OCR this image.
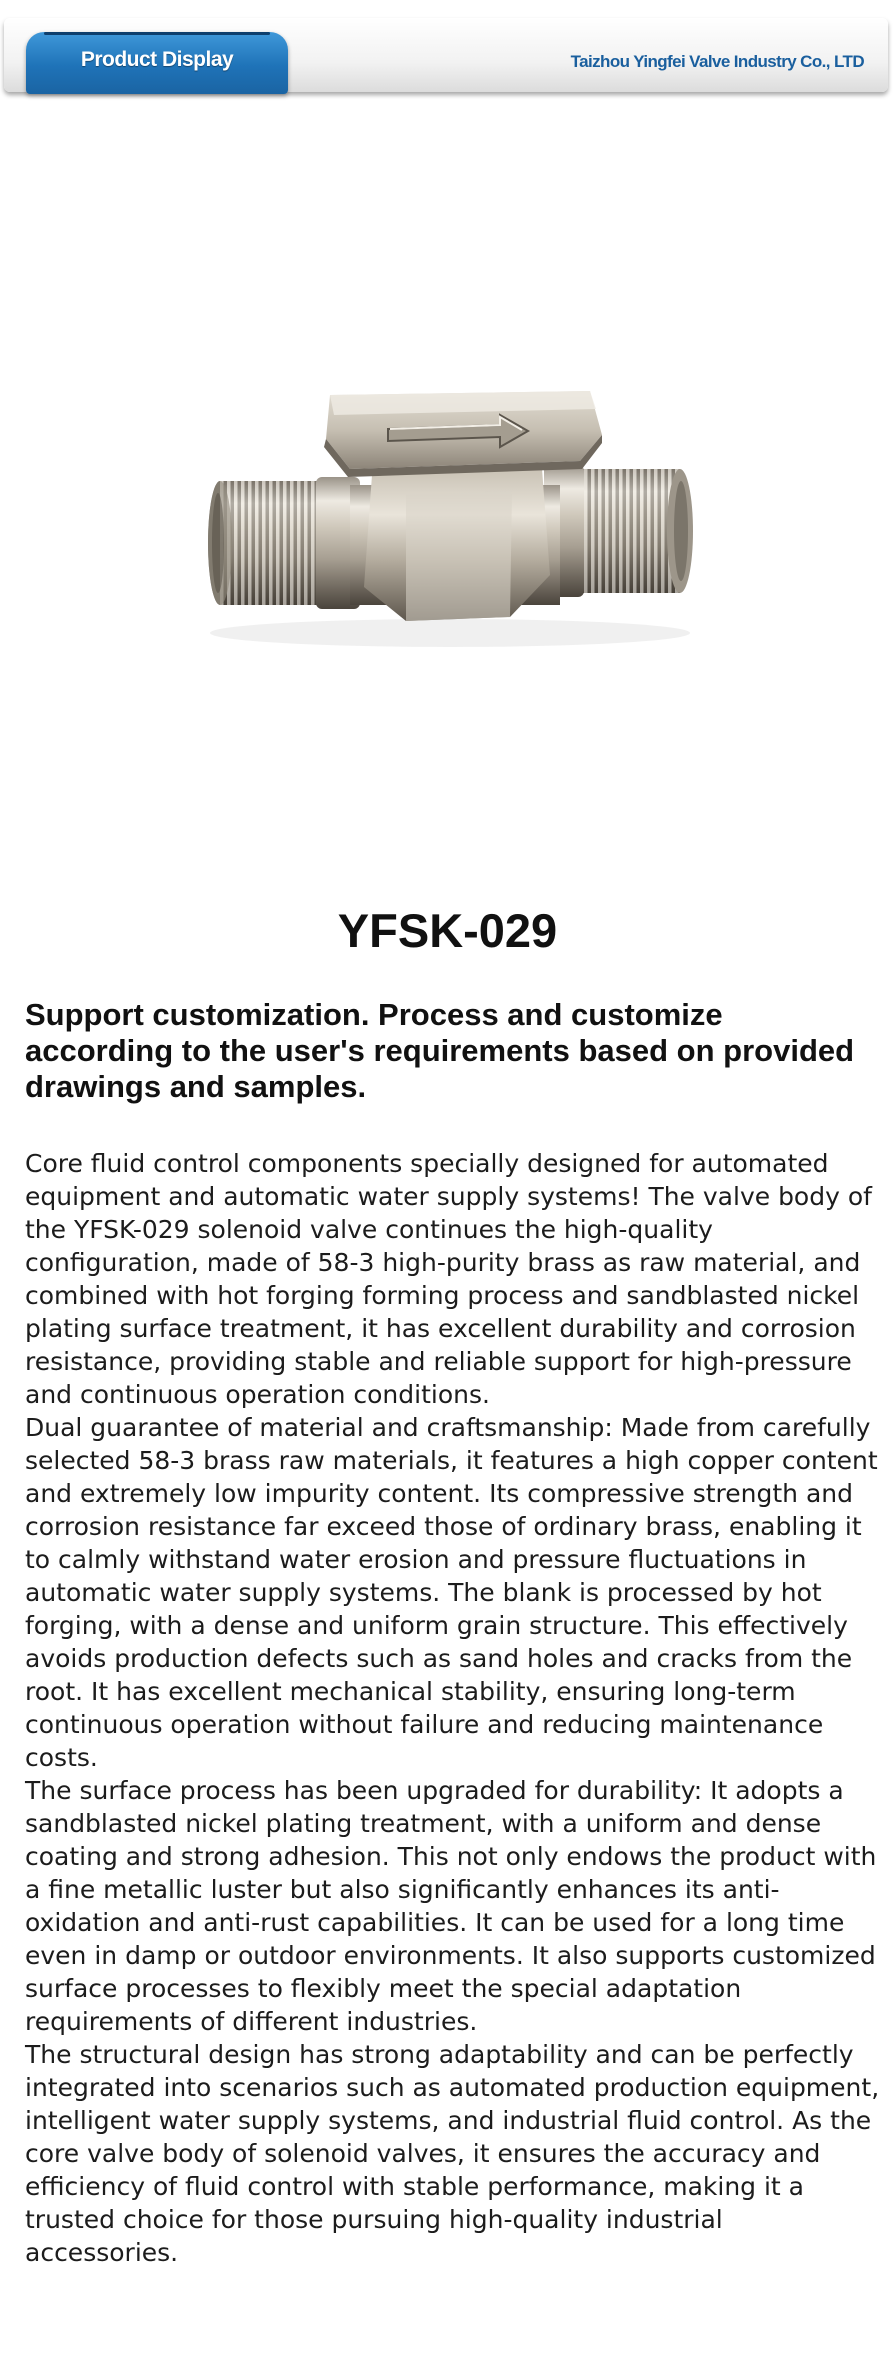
Product Display	Taizhou Yingfei Valve Industry Co., LTD
YFSK-029
Support customization. Process and customize according to the user's requirements based on provided drawings and samples.

Core fluid control components specially designed for automated equipment and automatic water supply systems! The valve body of the YFSK-029 solenoid valve continues the high-quality configuration, made of 58-3 high-purity brass as raw material, and combined with hot forging forming process and sandblasted nickel plating surface treatment, it has excellent durability and corrosion resistance, providing stable and reliable support for high-pressure and continuous operation conditions.

Dual guarantee of material and craftsmanship: Made from carefully selected 58-3 brass raw materials, it features a high copper content and extremely low impurity content. Its compressive strength and corrosion resistance far exceed those of ordinary brass, enabling it to calmly withstand water erosion and pressure fluctuations in automatic water supply systems. The blank is processed by hot forging, with a dense and uniform grain structure. This effectively avoids production defects such as sand holes and cracks from the root. It has excellent mechanical stability, ensuring long-term continuous operation without failure and reducing maintenance costs.

The surface process has been upgraded for durability: It adopts a sandblasted nickel plating treatment, with a uniform and dense coating and strong adhesion. This not only endows the product with a fine metallic luster but also significantly enhances its anti-oxidation and anti-rust capabilities. It can be used for a long time even in damp or outdoor environments. It also supports customized surface processes to flexibly meet the special adaptation requirements of different industries.

The structural design has strong adaptability and can be perfectly integrated into scenarios such as automated production equipment, intelligent water supply systems, and industrial fluid control. As the core valve body of solenoid valves, it ensures the accuracy and efficiency of fluid control with stable performance, making it a trusted choice for those pursuing high-quality industrial accessories.
